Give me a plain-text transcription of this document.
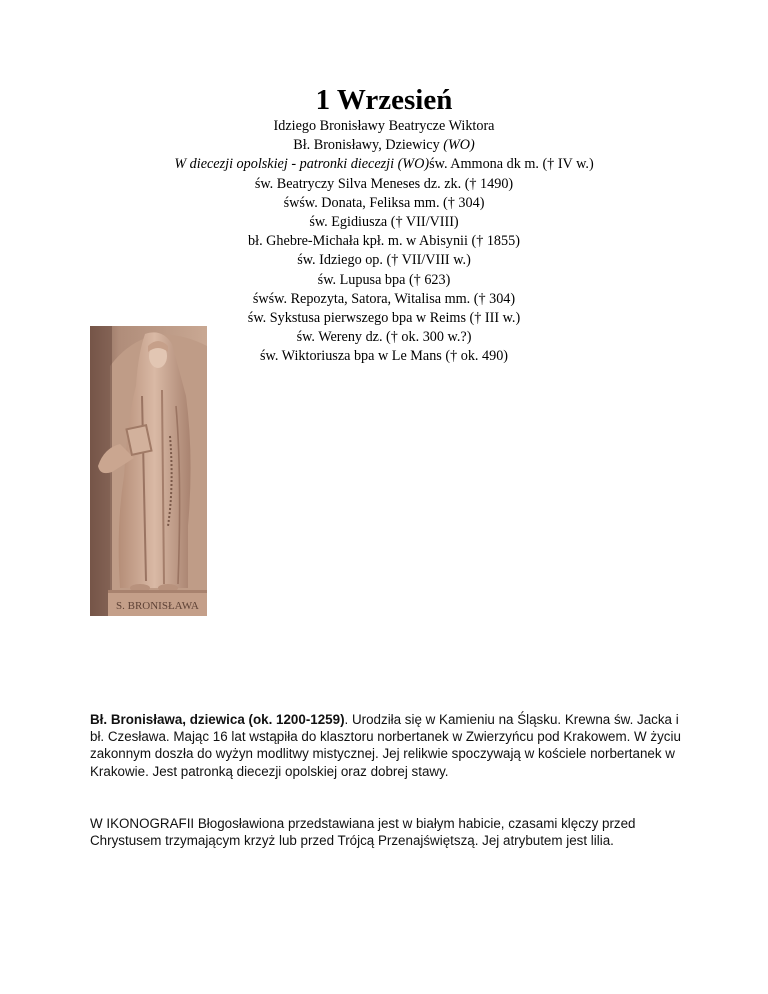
1 Wrzesień
Idziego Bronisławy Beatrycze Wiktora
Bł. Bronisławy, Dziewicy (WO)
W diecezji opolskiej - patronki diecezji (WO)św. Ammona dk m. († IV w.)
św. Beatryczy Silva Meneses dz. zk. († 1490)
śwśw. Donata, Feliksa mm. († 304)
św. Egidiusza († VII/VIII)
bł. Ghebre-Michała kpł. m. w Abisynii († 1855)
św. Idziego op. († VII/VIII w.)
św. Lupusa bpa († 623)
śwśw. Repozyta, Satora, Witalisa mm. († 304)
św. Sykstusa pierwszego bpa w Reims († III w.)
św. Wereny dz. († ok. 300 w.?)
św. Wiktoriusza bpa w Le Mans († ok. 490)
S. BRONISŁAWA
Bł. Bronisława, dziewica (ok. 1200-1259). Urodziła się w Kamieniu na Śląsku. Krewna św. Jacka i bł. Czesława. Mając 16 lat wstąpiła do klasztoru norbertanek w Zwierzyńcu pod Krakowem. W życiu zakonnym doszła do wyżyn modlitwy mistycznej. Jej relikwie spoczywają w kościele norbertanek w Krakowie. Jest patronką diecezji opolskiej oraz dobrej stawy.
W IKONOGRAFII Błogosławiona przedstawiana jest w białym habicie, czasami klęczy przed Chrystusem trzymającym krzyż lub przed Trójcą Przenajświętszą. Jej atrybutem jest lilia.
